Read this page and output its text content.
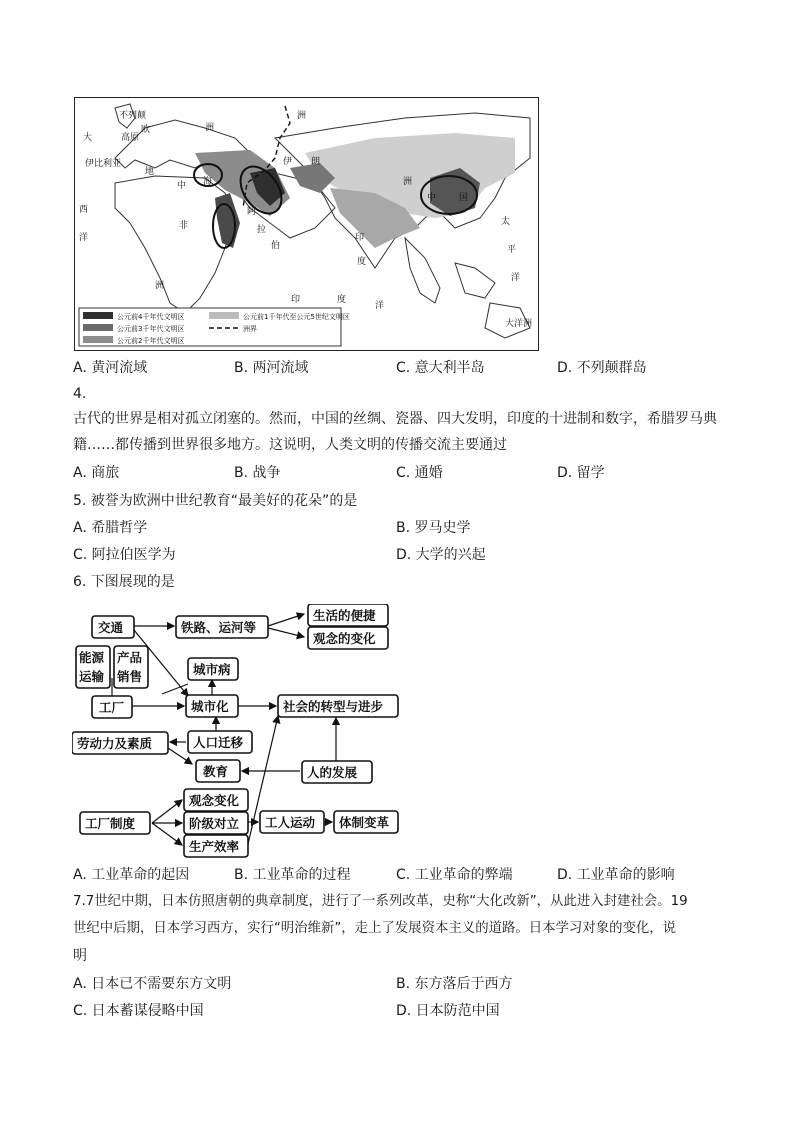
不列颠
大
欧
高原
伊比利亚
地
中 海
洲
洲
西
洋
非
伊 朗
阿
拉
伯
印
度
洲
中	国
太
平
洋
印	度
洋
大洋洲
洲
公元前4千年代文明区	公元前1千年代至公元5世纪文明区
公元前3千年代文明区	洲界
公元前2千年代文明区
A. 黄河流域	B. 两河流域	C. 意大利半岛	D. 不列颠群岛
4.
古代的世界是相对孤立闭塞的。然而，中国的丝绸、瓷器、四大发明，印度的十进制和数字，希腊罗马典
籍……都传播到世界很多地方。这说明，人类文明的传播交流主要通过
A. 商旅	B. 战争	C. 通婚	D. 留学
5. 被誉为欧洲中世纪教育“最美好的花朵”的是
A. 希腊哲学	B. 罗马史学
C. 阿拉伯医学为	D. 大学的兴起
6. 下图展现的是
交通	铁路、运河等
生活的便捷
观念的变化
能源
运输
产品
销售	城市病
工厂	城市化	社会的转型与进步
劳动力及素质	人口迁移
教育	人的发展
观念变化
工厂制度	阶级对立 工人运动 体制变革
生产效率
A. 工业革命的起因	B. 工业革命的过程	C. 工业革命的弊端	D. 工业革命的影响
7.7世纪中期，日本仿照唐朝的典章制度，进行了一系列改革，史称“大化改新”，从此进入封建社会。19
世纪中后期，日本学习西方，实行“明治维新”，走上了发展资本主义的道路。日本学习对象的变化，说
明
A. 日本已不需要东方文明	B. 东方落后于西方
C. 日本蓄谋侵略中国	D. 日本防范中国
